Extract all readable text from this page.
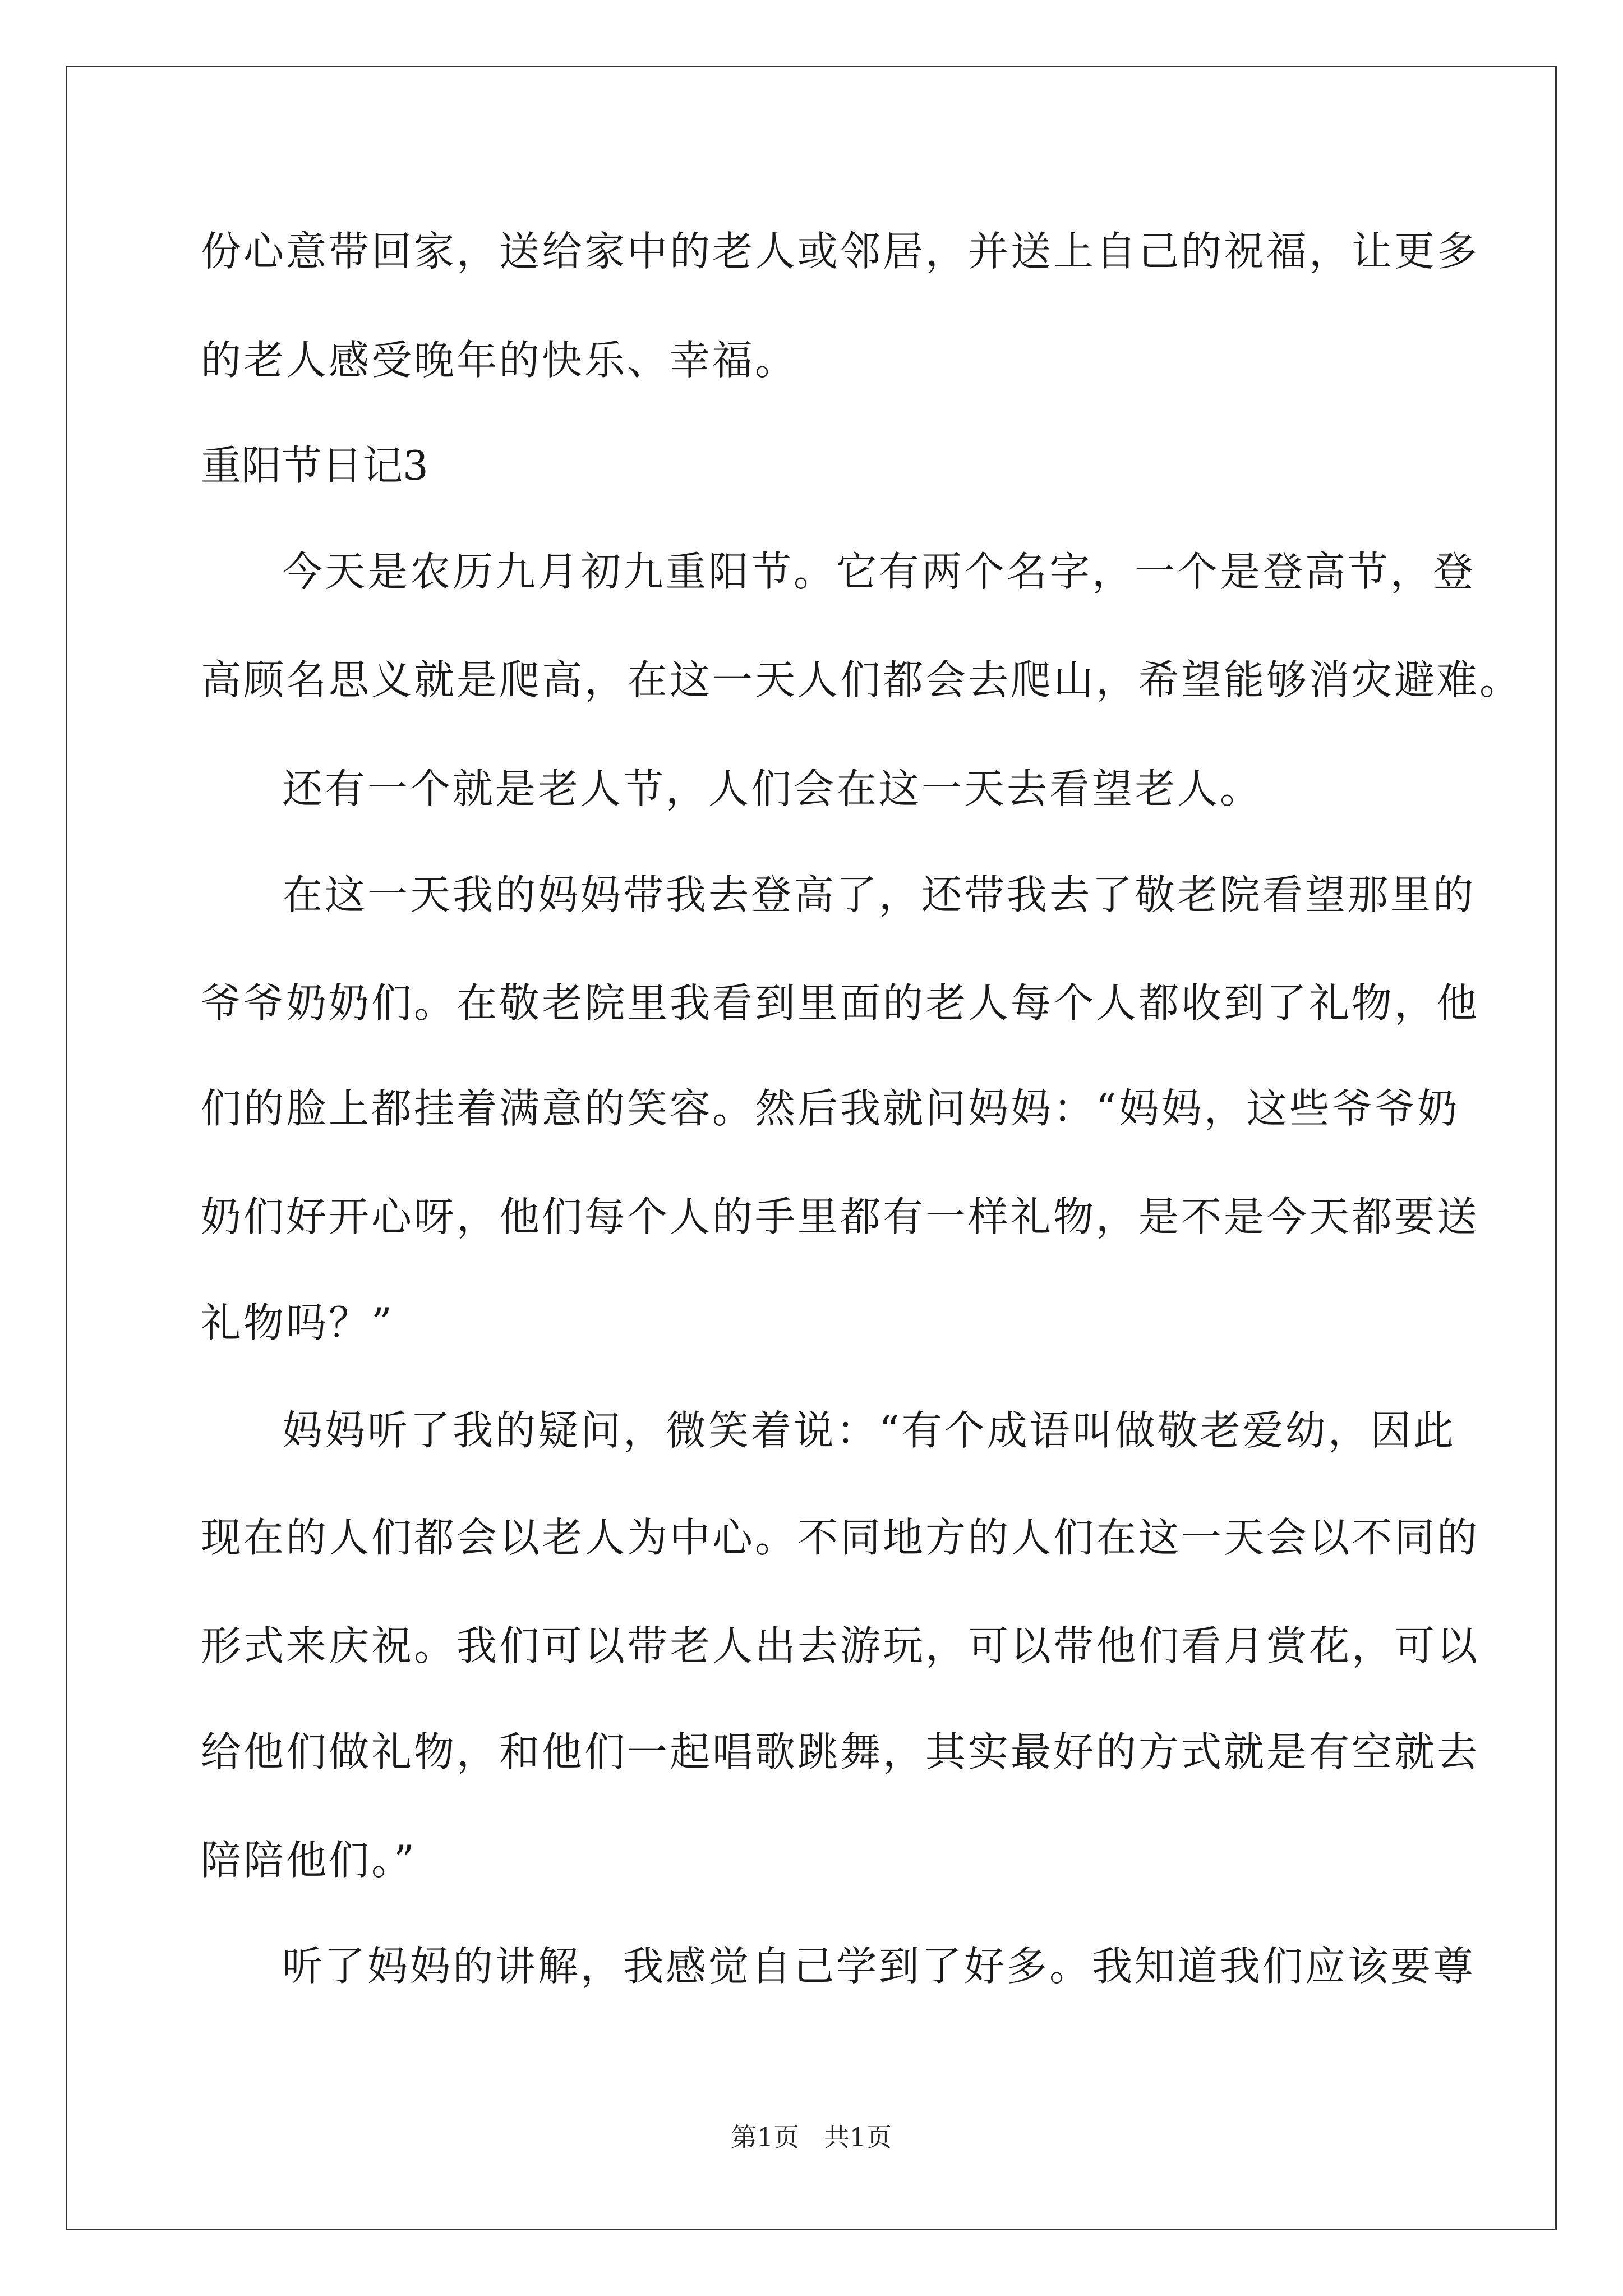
份心意带回家，送给家中的老人或邻居，并送上自己的祝福，让更多
的老人感受晚年的快乐、幸福。
重阳节日记3
今天是农历九月初九重阳节。它有两个名字，一个是登高节，登
高顾名思义就是爬高，在这一天人们都会去爬山，希望能够消灾避难。
还有一个就是老人节，人们会在这一天去看望老人。
在这一天我的妈妈带我去登高了，还带我去了敬老院看望那里的
爷爷奶奶们。在敬老院里我看到里面的老人每个人都收到了礼物，他
们的脸上都挂着满意的笑容。然后我就问妈妈：“妈妈，这些爷爷奶
奶们好开心呀，他们每个人的手里都有一样礼物，是不是今天都要送
礼物吗？”
妈妈听了我的疑问，微笑着说：“有个成语叫做敬老爱幼，因此
现在的人们都会以老人为中心。不同地方的人们在这一天会以不同的
形式来庆祝。我们可以带老人出去游玩，可以带他们看月赏花，可以
给他们做礼物，和他们一起唱歌跳舞，其实最好的方式就是有空就去
陪陪他们。”
听了妈妈的讲解，我感觉自己学到了好多。我知道我们应该要尊
第1页   共1页
